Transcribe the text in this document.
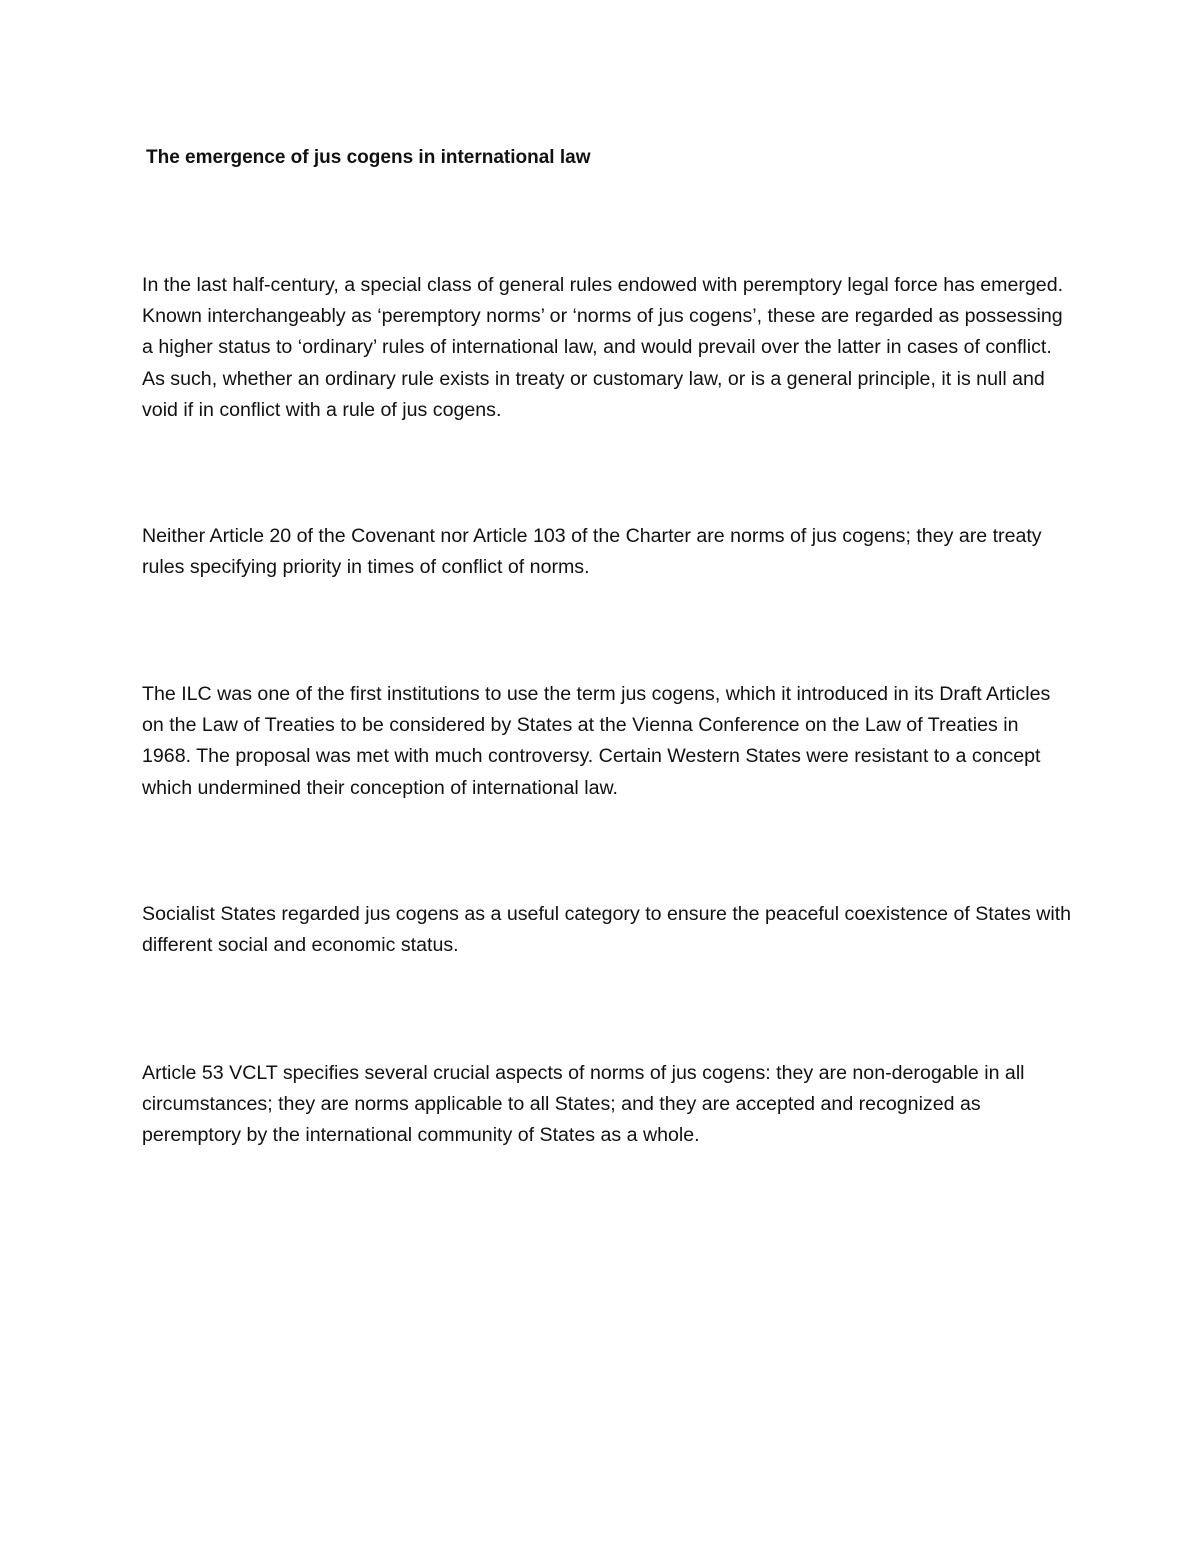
The emergence of jus cogens in international law

In the last half-century, a special class of general rules endowed with peremptory legal force has emerged. Known interchangeably as ‘peremptory norms’ or ‘norms of jus cogens’, these are regarded as possessing a higher status to ‘ordinary’ rules of international law, and would prevail over the latter in cases of conflict. As such, whether an ordinary rule exists in treaty or customary law, or is a general principle, it is null and void if in conflict with a rule of jus cogens.

Neither Article 20 of the Covenant nor Article 103 of the Charter are norms of jus cogens; they are treaty rules specifying priority in times of conflict of norms.

The ILC was one of the first institutions to use the term jus cogens, which it introduced in its Draft Articles on the Law of Treaties to be considered by States at the Vienna Conference on the Law of Treaties in 1968. The proposal was met with much controversy. Certain Western States were resistant to a concept which undermined their conception of international law.

Socialist States regarded jus cogens as a useful category to ensure the peaceful coexistence of States with different social and economic status.

Article 53 VCLT specifies several crucial aspects of norms of jus cogens: they are non-derogable in all circumstances; they are norms applicable to all States; and they are accepted and recognized as peremptory by the international community of States as a whole.
